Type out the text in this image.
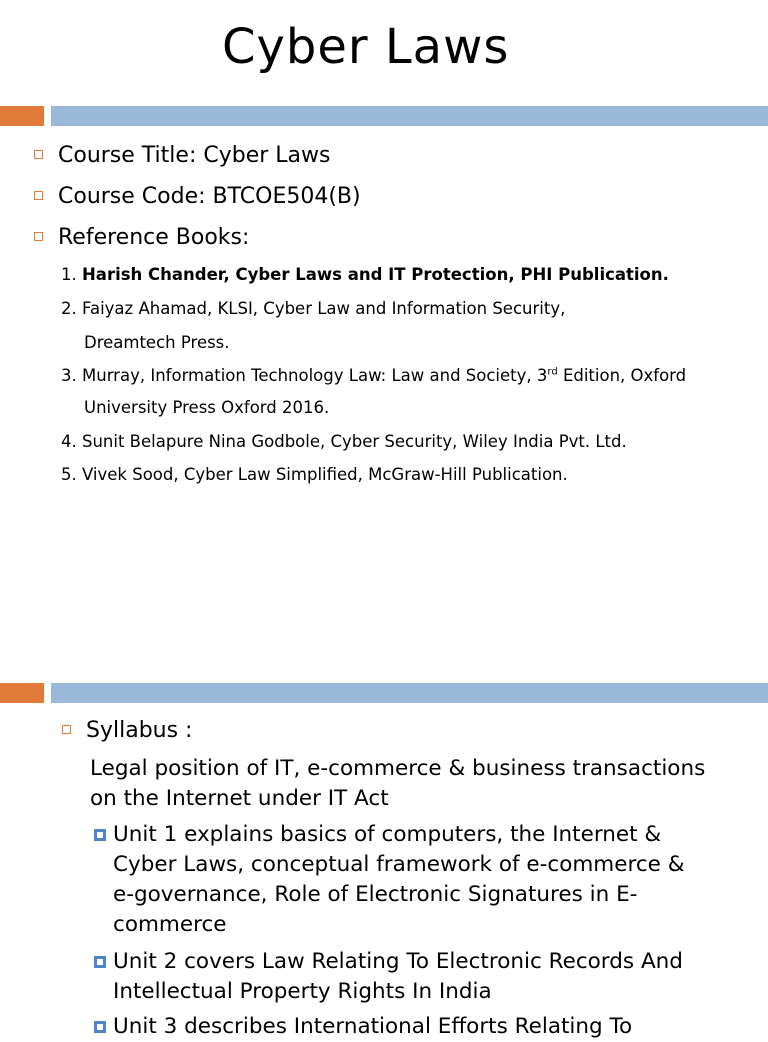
Cyber Laws
Course Title: Cyber Laws
Course Code: BTCOE504(B)
Reference Books:
1. Harish Chander, Cyber Laws and IT Protection, PHI Publication.
2. Faiyaz Ahamad, KLSI, Cyber Law and Information Security,
Dreamtech Press.
3. Murray, Information Technology Law: Law and Society, 3rd Edition, Oxford
University Press Oxford 2016.
4. Sunit Belapure Nina Godbole, Cyber Security, Wiley India Pvt. Ltd.
5. Vivek Sood, Cyber Law Simplified, McGraw-Hill Publication.
Syllabus :
Legal position of IT, e-commerce & business transactions
on the Internet under IT Act
Unit 1 explains basics of computers, the Internet &
Cyber Laws, conceptual framework of e-commerce &
e-governance, Role of Electronic Signatures in E-
commerce
Unit 2 covers Law Relating To Electronic Records And
Intellectual Property Rights In India
Unit 3 describes International Efforts Relating To
